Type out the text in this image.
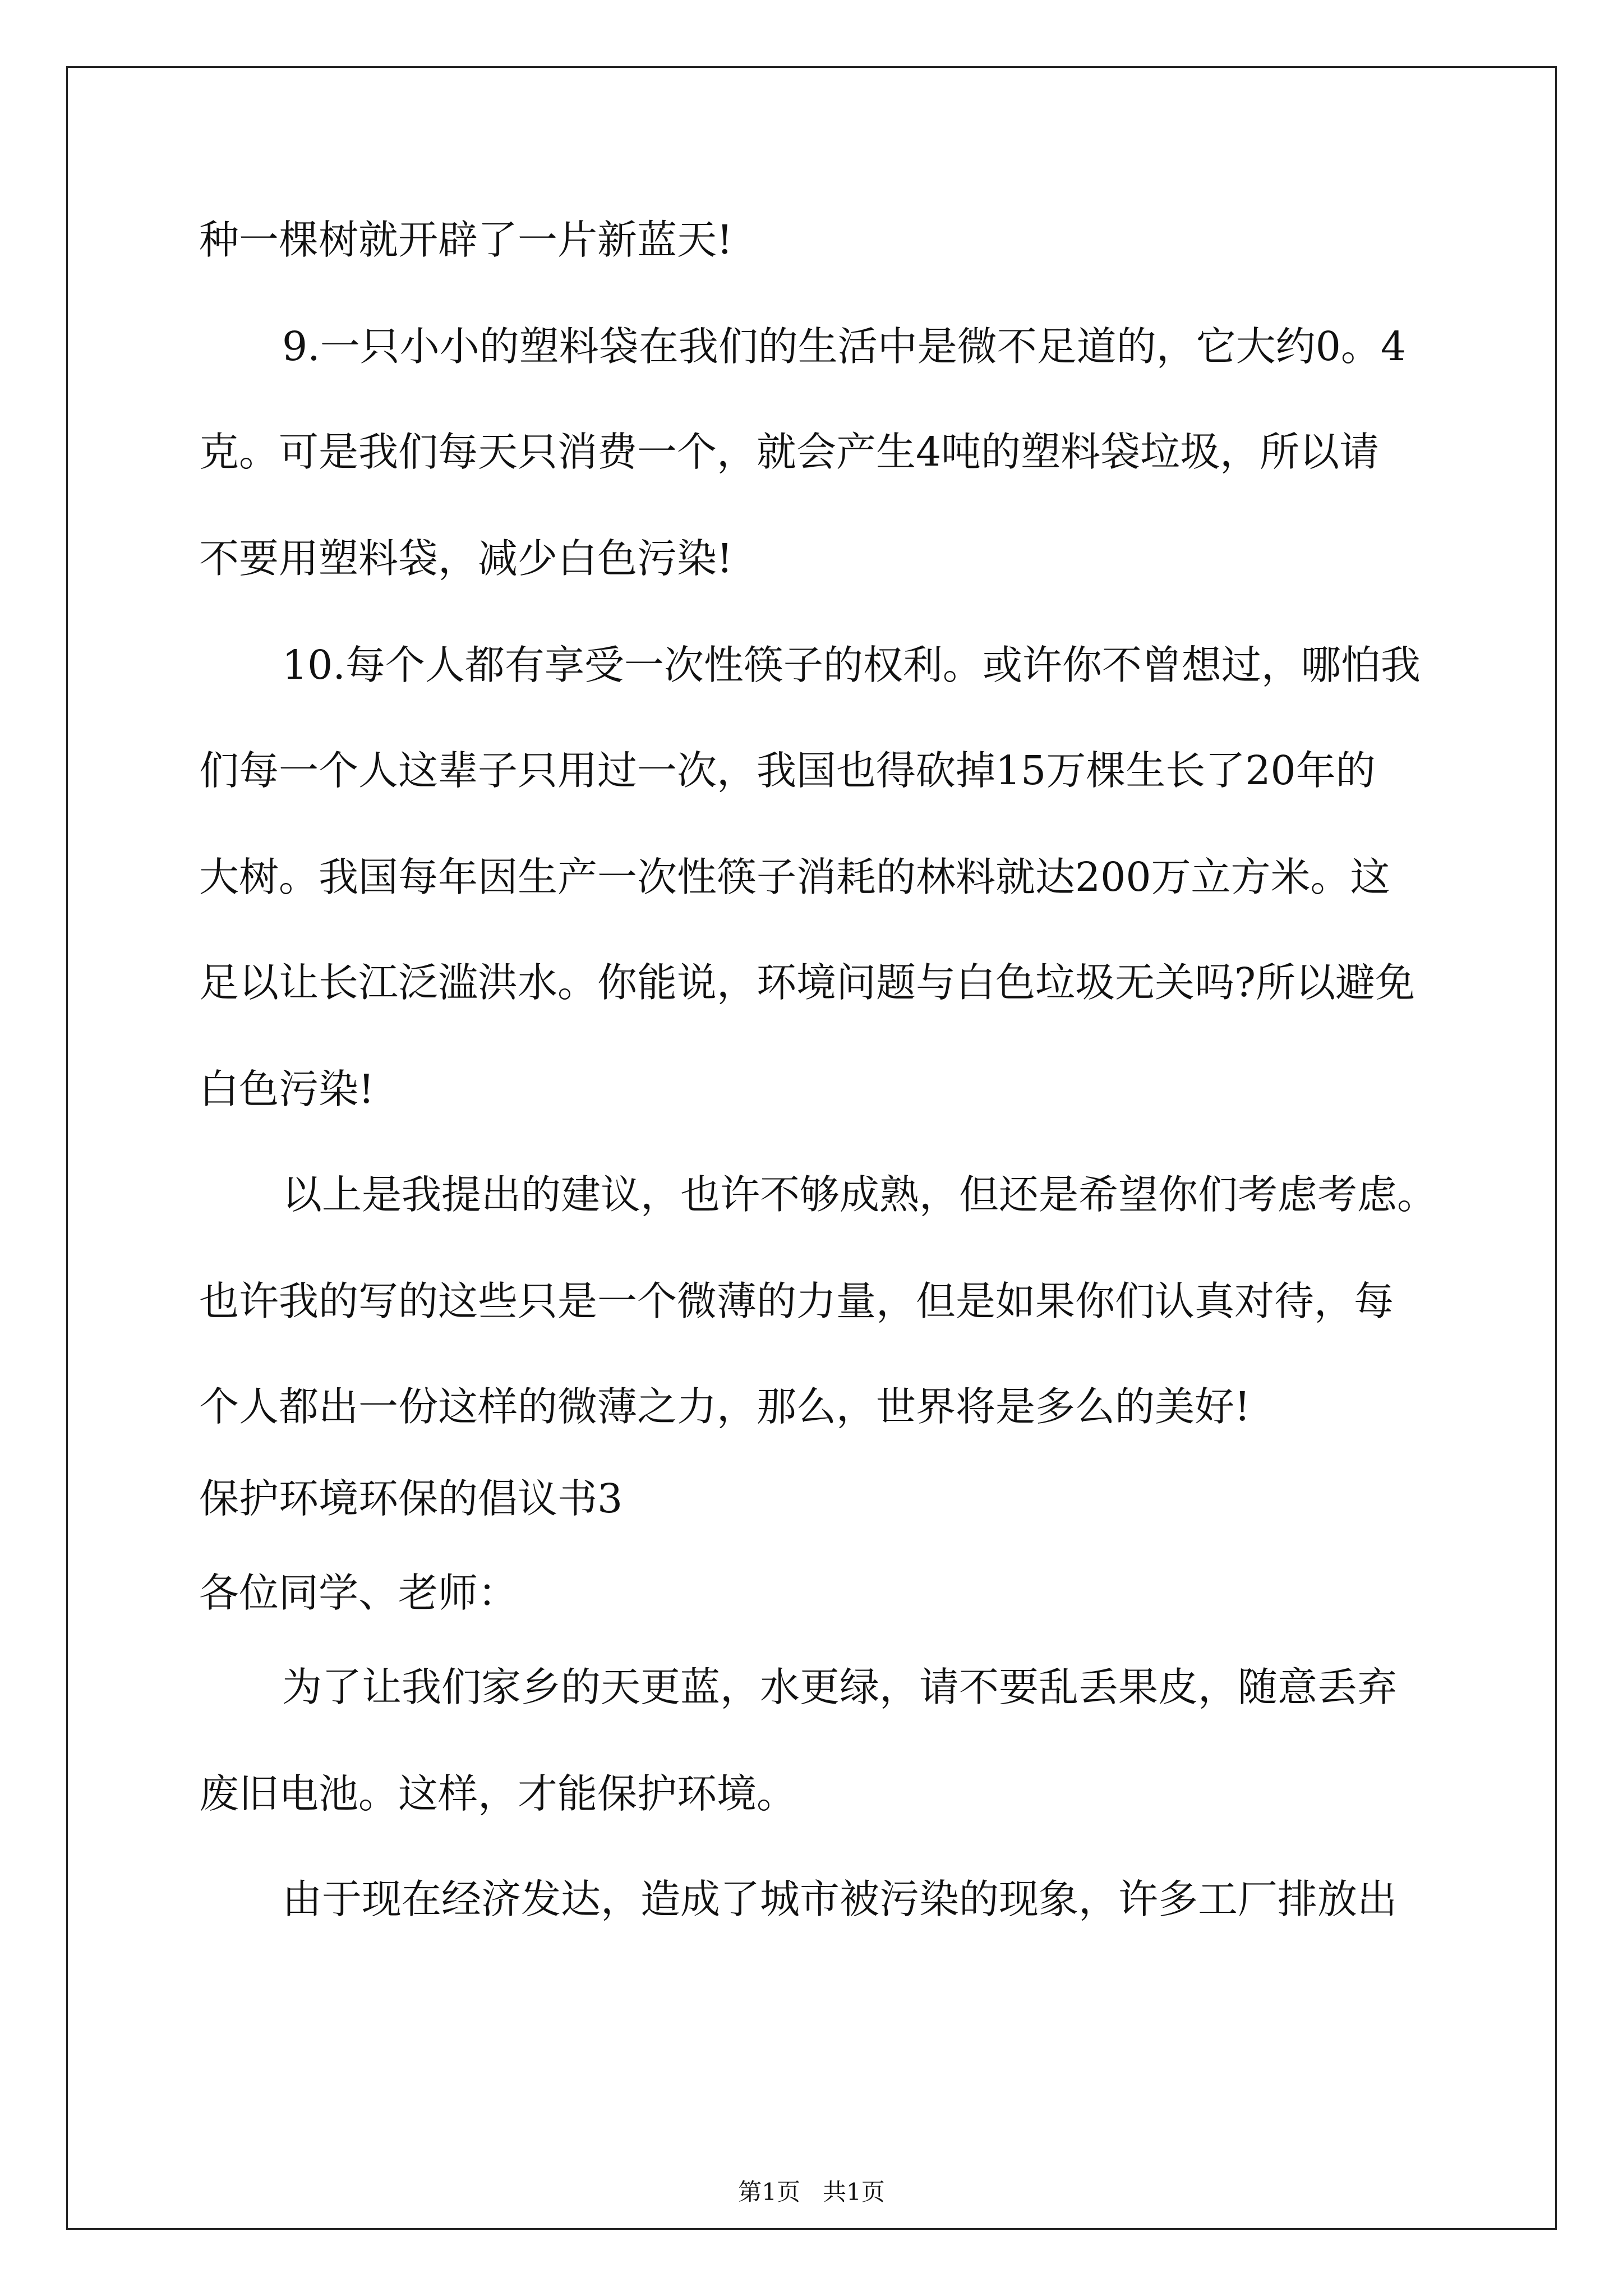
种一棵树就开辟了一片新蓝天!
9.一只小小的塑料袋在我们的生活中是微不足道的，它大约0。4
克。可是我们每天只消费一个，就会产生4吨的塑料袋垃圾，所以请
不要用塑料袋，减少白色污染!
10.每个人都有享受一次性筷子的权利。或许你不曾想过，哪怕我
们每一个人这辈子只用过一次，我国也得砍掉15万棵生长了20年的
大树。我国每年因生产一次性筷子消耗的林料就达200万立方米。这
足以让长江泛滥洪水。你能说，环境问题与白色垃圾无关吗?所以避免
白色污染!
以上是我提出的建议，也许不够成熟，但还是希望你们考虑考虑。
也许我的写的这些只是一个微薄的力量，但是如果你们认真对待，每
个人都出一份这样的微薄之力，那么，世界将是多么的美好!
保护环境环保的倡议书3
各位同学、老师：
为了让我们家乡的天更蓝，水更绿，请不要乱丢果皮，随意丢弃
废旧电池。这样，才能保护环境。
由于现在经济发达，造成了城市被污染的现象，许多工厂排放出
第1页   共1页
